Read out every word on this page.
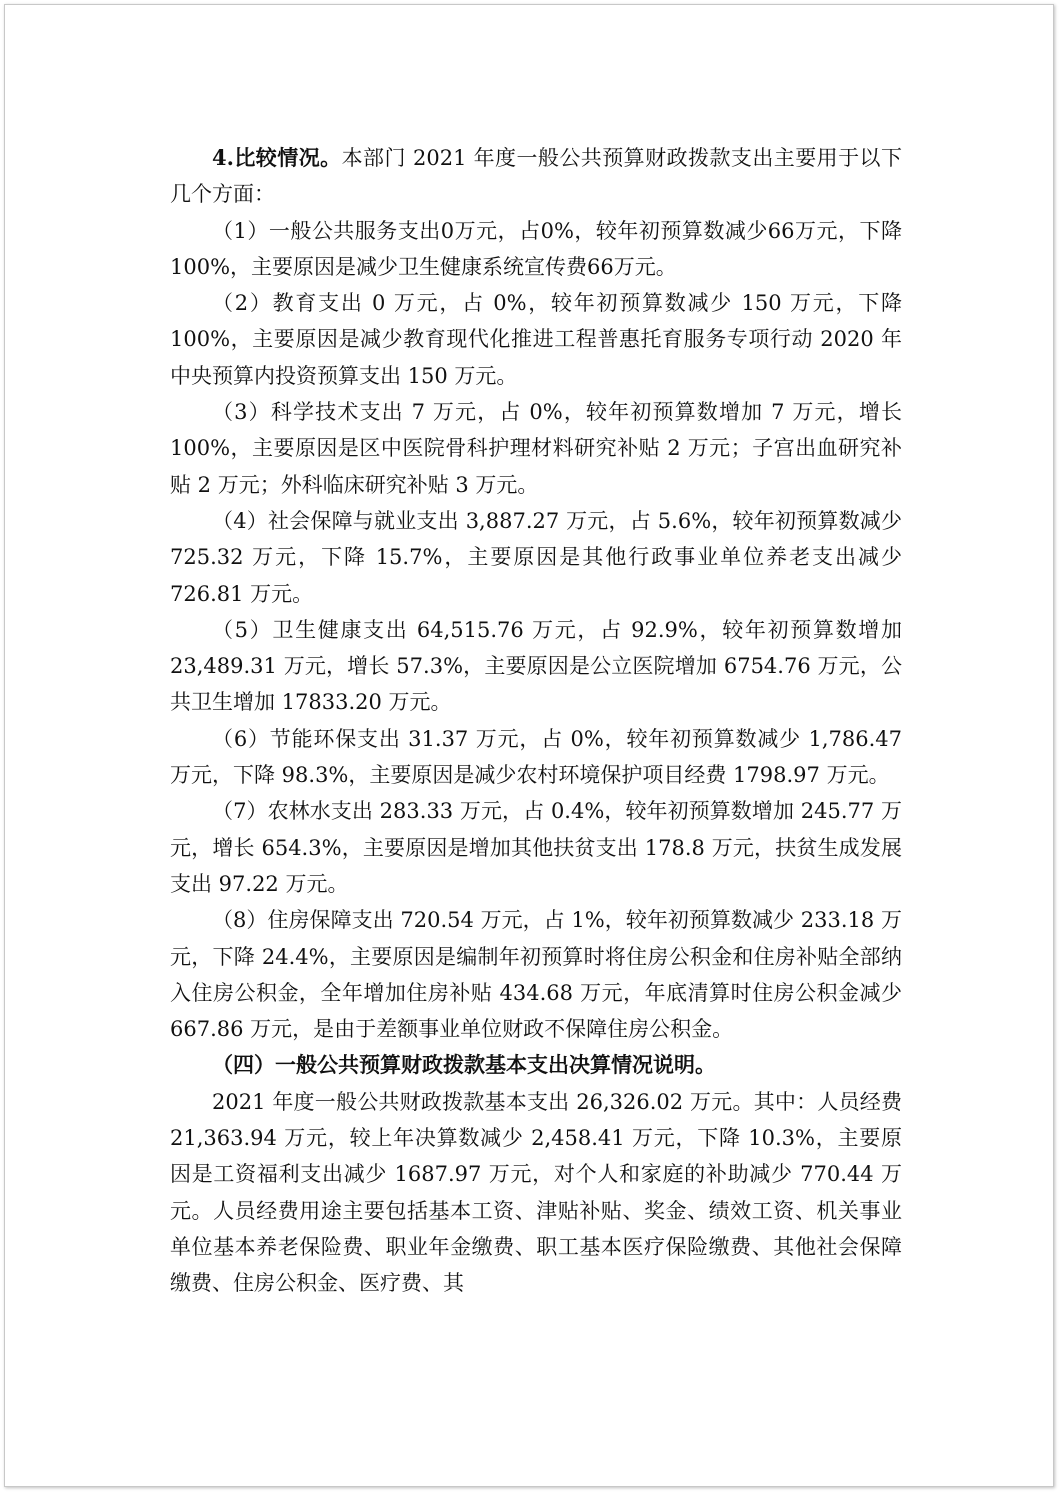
4.比较情况。本部门 2021 年度一般公共预算财政拨款支出主要用于以下几个方面：

（1）一般公共服务支出0万元，占0%，较年初预算数减少66万元，下降100%，主要原因是减少卫生健康系统宣传费66万元。

（2）教育支出 0 万元，占 0%，较年初预算数减少 150 万元，下降 100%，主要原因是减少教育现代化推进工程普惠托育服务专项行动 2020 年中央预算内投资预算支出 150 万元。

（3）科学技术支出 7 万元，占 0%，较年初预算数增加 7 万元，增长 100%，主要原因是区中医院骨科护理材料研究补贴 2 万元；子宫出血研究补贴 2 万元；外科临床研究补贴 3 万元。

（4）社会保障与就业支出 3,887.27 万元，占 5.6%，较年初预算数减少 725.32 万元，下降 15.7%，主要原因是其他行政事业单位养老支出减少 726.81 万元。

（5）卫生健康支出 64,515.76 万元，占 92.9%，较年初预算数增加 23,489.31 万元，增长 57.3%，主要原因是公立医院增加 6754.76 万元，公共卫生增加 17833.20 万元。

（6）节能环保支出 31.37 万元，占 0%，较年初预算数减少 1,786.47 万元，下降 98.3%，主要原因是减少农村环境保护项目经费 1798.97 万元。

（7）农林水支出 283.33 万元，占 0.4%，较年初预算数增加 245.77 万元，增长 654.3%，主要原因是增加其他扶贫支出 178.8 万元，扶贫生成发展支出 97.22 万元。

（8）住房保障支出 720.54 万元，占 1%，较年初预算数减少 233.18 万元，下降 24.4%，主要原因是编制年初预算时将住房公积金和住房补贴全部纳入住房公积金，全年增加住房补贴 434.68 万元，年底清算时住房公积金减少 667.86 万元，是由于差额事业单位财政不保障住房公积金。

（四）一般公共预算财政拨款基本支出决算情况说明。

2021 年度一般公共财政拨款基本支出 26,326.02 万元。其中：人员经费 21,363.94 万元，较上年决算数减少 2,458.41 万元，下降 10.3%，主要原因是工资福利支出减少 1687.97 万元，对个人和家庭的补助减少 770.44 万元。人员经费用途主要包括基本工资、津贴补贴、奖金、绩效工资、机关事业单位基本养老保险费、职业年金缴费、职工基本医疗保险缴费、其他社会保障缴费、住房公积金、医疗费、其
